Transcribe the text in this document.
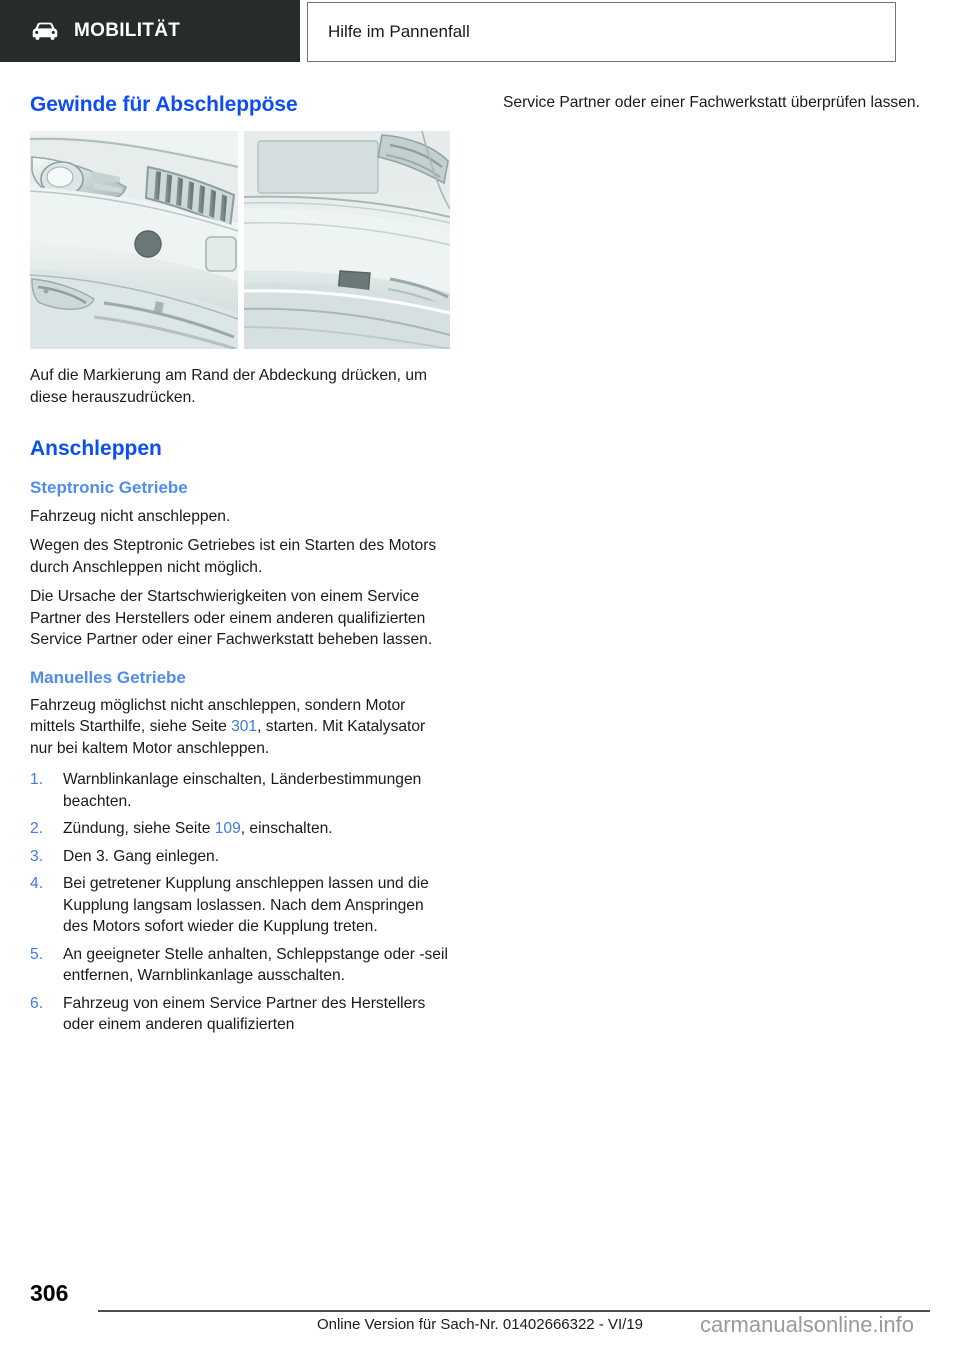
MOBILITÄT	Hilfe im Pannenfall
Gewinde für Abschleppöse

Auf die Markierung am Rand der Abdeckung drücken, um diese herauszudrücken.

Anschleppen
Steptronic Getriebe

Fahrzeug nicht anschleppen.

Wegen des Steptronic Getriebes ist ein Starten des Motors durch Anschleppen nicht möglich.

Die Ursache der Startschwierigkeiten von einem Service Partner des Herstellers oder einem anderen qualifizierten Service Partner oder einer Fachwerkstatt beheben lassen.

Manuelles Getriebe

Fahrzeug möglichst nicht anschleppen, sondern Motor mittels Starthilfe, siehe Seite 301, starten. Mit Katalysator nur bei kaltem Motor anschleppen.

Warnblinkanlage einschalten, Länderbestimmungen beachten.
Zündung, siehe Seite 109, einschalten.
Den 3. Gang einlegen.
Bei getretener Kupplung anschleppen lassen und die Kupplung langsam loslassen. Nach dem Anspringen des Motors sofort wieder die Kupplung treten.
An geeigneter Stelle anhalten, Schleppstange oder -seil entfernen, Warnblinkanlage ausschalten.
Fahrzeug von einem Service Partner des Herstellers oder einem anderen qualifizierten

Service Partner oder einer Fachwerkstatt überprüfen lassen.

306
Online Version für Sach-Nr. 01402666322 - VI/19	carmanualsonline.info
